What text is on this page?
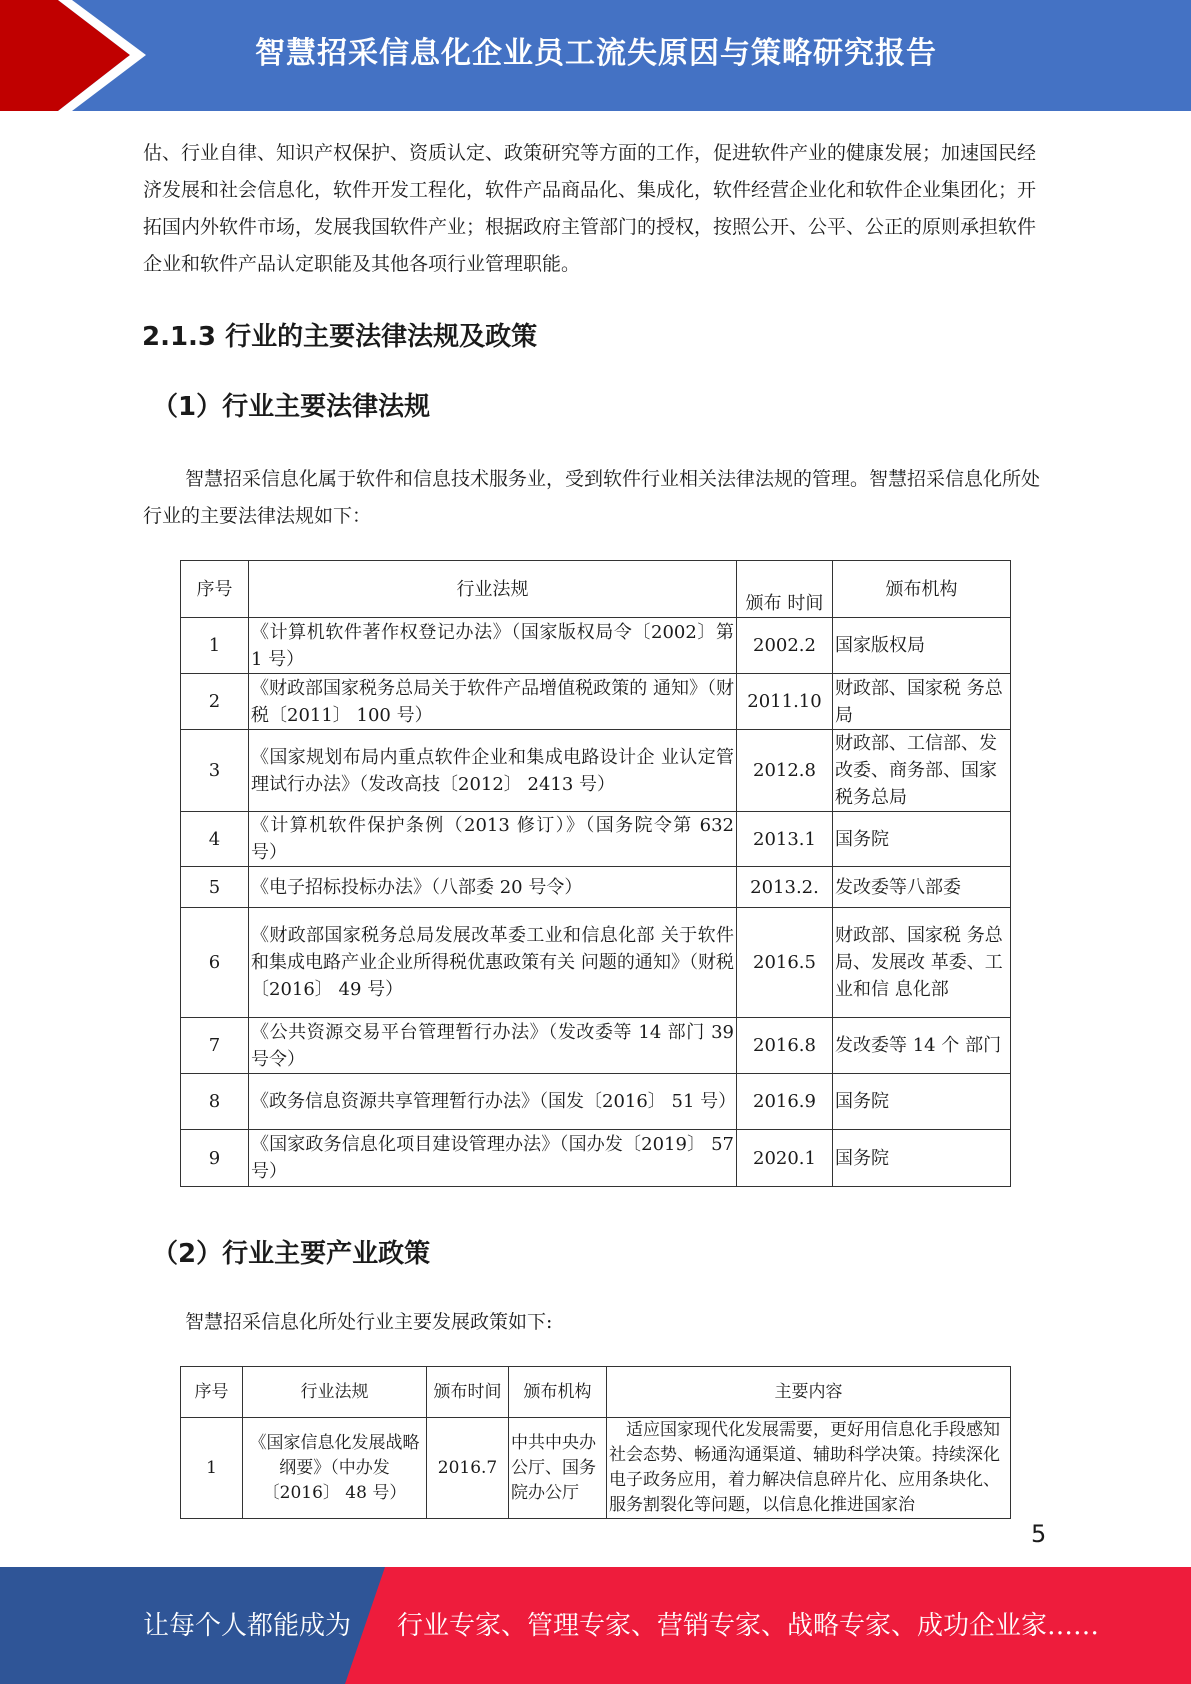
智慧招采信息化企业员工流失原因与策略研究报告

估、行业自律、知识产权保护、资质认定、政策研究等方面的工作，促进软件产业的健康发展；加速国民经济发展和社会信息化，软件开发工程化，软件产品商品化、集成化，软件经营企业化和软件企业集团化；开拓国内外软件市场，发展我国软件产业；根据政府主管部门的授权，按照公开、公平、公正的原则承担软件企业和软件产品认定职能及其他各项行业管理职能。

2.1.3 行业的主要法律法规及政策
（1）行业主要法律法规

智慧招采信息化属于软件和信息技术服务业，受到软件行业相关法律法规的管理。智慧招采信息化所处行业的主要法律法规如下：

序号	行业法规	颁布 时间	颁布机构
1	《计算机软件著作权登记办法》（国家版权局令〔2002〕第 1 号）	2002.2	国家版权局
2	《财政部国家税务总局关于软件产品增值税政策的 通知》（财税〔2011〕 100 号）	2011.10	财政部、国家税 务总局
3	《国家规划布局内重点软件企业和集成电路设计企 业认定管理试行办法》（发改高技〔2012〕 2413 号）	2012.8	财政部、工信部、发改委、商务部、国家税务总局
4	《计算机软件保护条例（2013 修订）》（国务院令第 632 号）	2013.1	国务院
5	《电子招标投标办法》（八部委 20 号令）	2013.2.	发改委等八部委
6	《财政部国家税务总局发展改革委工业和信息化部 关于软件和集成电路产业企业所得税优惠政策有关 问题的通知》（财税〔2016〕 49 号）	2016.5	财政部、国家税 务总局、发展改 革委、工业和信 息化部
7	《公共资源交易平台管理暂行办法》（发改委等 14 部门 39 号令）	2016.8	发改委等 14 个 部门
8	《政务信息资源共享管理暂行办法》（国发〔2016〕 51 号）	2016.9	国务院
9	《国家政务信息化项目建设管理办法》（国办发〔2019〕 57 号）	2020.1	国务院
（2）行业主要产业政策

智慧招采信息化所处行业主要发展政策如下:

序号	行业法规	颁布时间	颁布机构	主要内容
1	《国家信息化发展战略纲要》（中办发〔2016〕 48 号）	2016.7	中共中央办公厅、国务院办公厅	适应国家现代化发展需要，更好用信息化手段感知社会态势、畅通沟通渠道、辅助科学决策。持续深化电子政务应用，着力解决信息碎片化、应用条块化、服务割裂化等问题，以信息化推进国家治
5
让每个人都能成为 行业专家、管理专家、营销专家、战略专家、成功企业家……
